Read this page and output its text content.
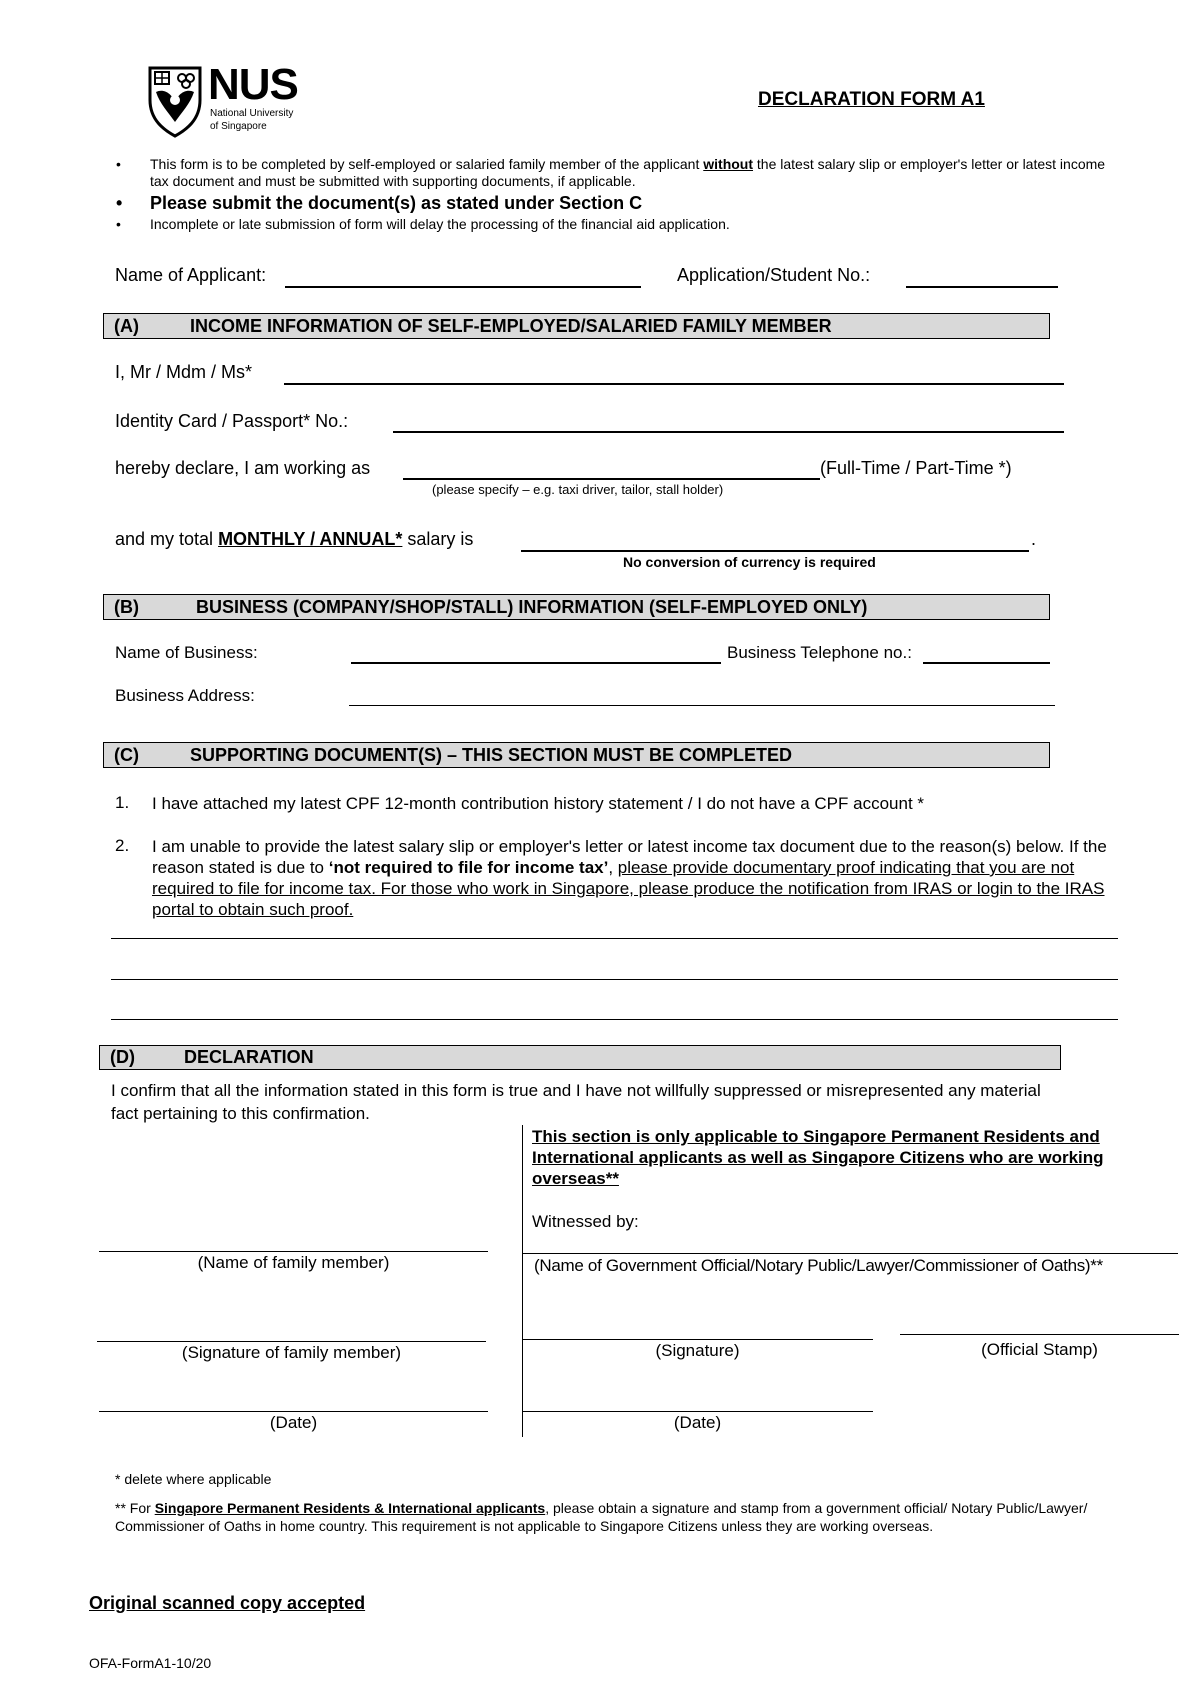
NUS
National University
of Singapore
DECLARATION FORM A1
• This form is to be completed by self-employed or salaried family member of the applicant without the latest salary slip or employer's letter or latest income tax document and must be submitted with supporting documents, if applicable.
• Please submit the document(s) as stated under Section C
• Incomplete or late submission of form will delay the processing of the financial aid application.
Name of Applicant:	Application/Student No.:
(A)	INCOME INFORMATION OF SELF-EMPLOYED/SALARIED FAMILY MEMBER
I, Mr / Mdm / Ms*
Identity Card / Passport* No.:
hereby declare, I am working as	(Full-Time / Part-Time *)
(please specify – e.g. taxi driver, tailor, stall holder)
and my total MONTHLY / ANNUAL* salary is	.
No conversion of currency is required
(B)	BUSINESS (COMPANY/SHOP/STALL) INFORMATION (SELF-EMPLOYED ONLY)
Name of Business:	Business Telephone no.:
Business Address:
(C)	SUPPORTING DOCUMENT(S) – THIS SECTION MUST BE COMPLETED
1. I have attached my latest CPF 12-month contribution history statement / I do not have a CPF account *
2. I am unable to provide the latest salary slip or employer's letter or latest income tax document due to the reason(s) below. If the reason stated is due to ‘not required to file for income tax’, please provide documentary proof indicating that you are not required to file for income tax. For those who work in Singapore, please produce the notification from IRAS or login to the IRAS portal to obtain such proof.
(D)	DECLARATION
I confirm that all the information stated in this form is true and I have not willfully suppressed or misrepresented any material fact pertaining to this confirmation.
This section is only applicable to Singapore Permanent Residents and International applicants as well as Singapore Citizens who are working overseas**
Witnessed by:
(Name of family member)
(Signature of family member)
(Date)
(Name of Government Official/Notary Public/Lawyer/Commissioner of Oaths)**
(Signature)	(Official Stamp)
(Date)
* delete where applicable
** For Singapore Permanent Residents & International applicants, please obtain a signature and stamp from a government official/ Notary Public/Lawyer/ Commissioner of Oaths in home country. This requirement is not applicable to Singapore Citizens unless they are working overseas.
Original scanned copy accepted
OFA-FormA1-10/20
